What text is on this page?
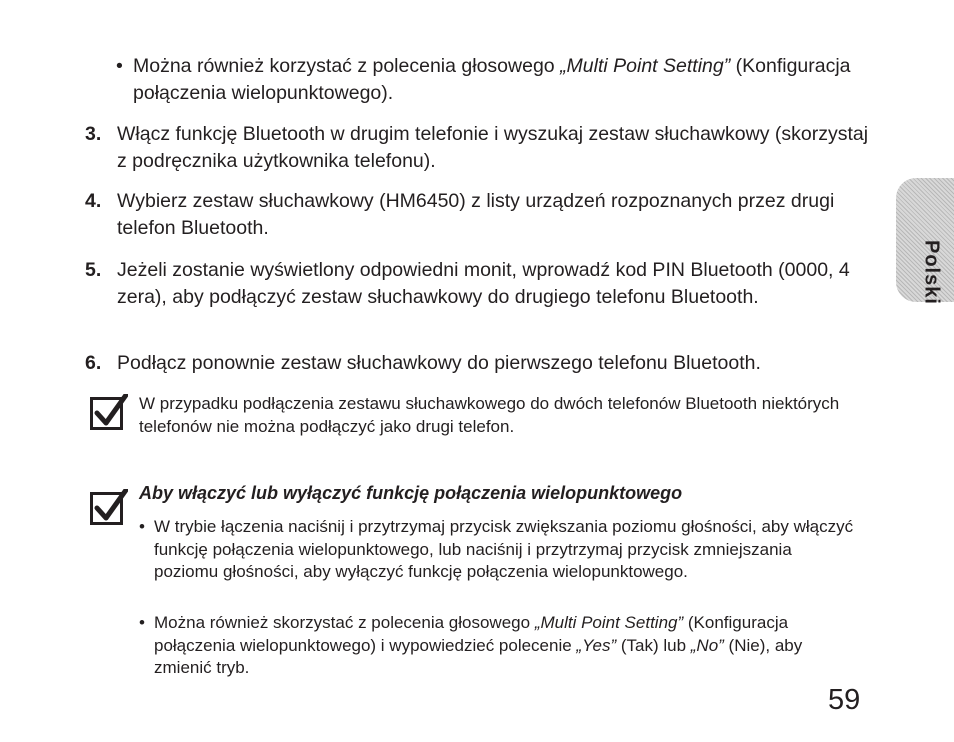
• Można również korzystać z polecenia głosowego „Multi Point Setting” (Konfiguracja połączenia wielopunktowego).
3. Włącz funkcję Bluetooth w drugim telefonie i wyszukaj zestaw słuchawkowy (skorzystaj z podręcznika użytkownika telefonu).
4. Wybierz zestaw słuchawkowy (HM6450) z listy urządzeń rozpoznanych przez drugi telefon Bluetooth.
5. Jeżeli zostanie wyświetlony odpowiedni monit, wprowadź kod PIN Bluetooth (0000, 4 zera), aby podłączyć zestaw słuchawkowy do drugiego telefonu Bluetooth.
6. Podłącz ponownie zestaw słuchawkowy do pierwszego telefonu Bluetooth.
W przypadku podłączenia zestawu słuchawkowego do dwóch telefonów Bluetooth niektórych telefonów nie można podłączyć jako drugi telefon.
Aby włączyć lub wyłączyć funkcję połączenia wielopunktowego
• W trybie łączenia naciśnij i przytrzymaj przycisk zwiększania poziomu głośności, aby włączyć funkcję połączenia wielopunktowego, lub naciśnij i przytrzymaj przycisk zmniejszania poziomu głośności, aby wyłączyć funkcję połączenia wielopunktowego.
• Można również skorzystać z polecenia głosowego „Multi Point Setting” (Konfiguracja połączenia wielopunktowego) i wypowiedzieć polecenie „Yes” (Tak) lub „No” (Nie), aby zmienić tryb.
Polski
59
